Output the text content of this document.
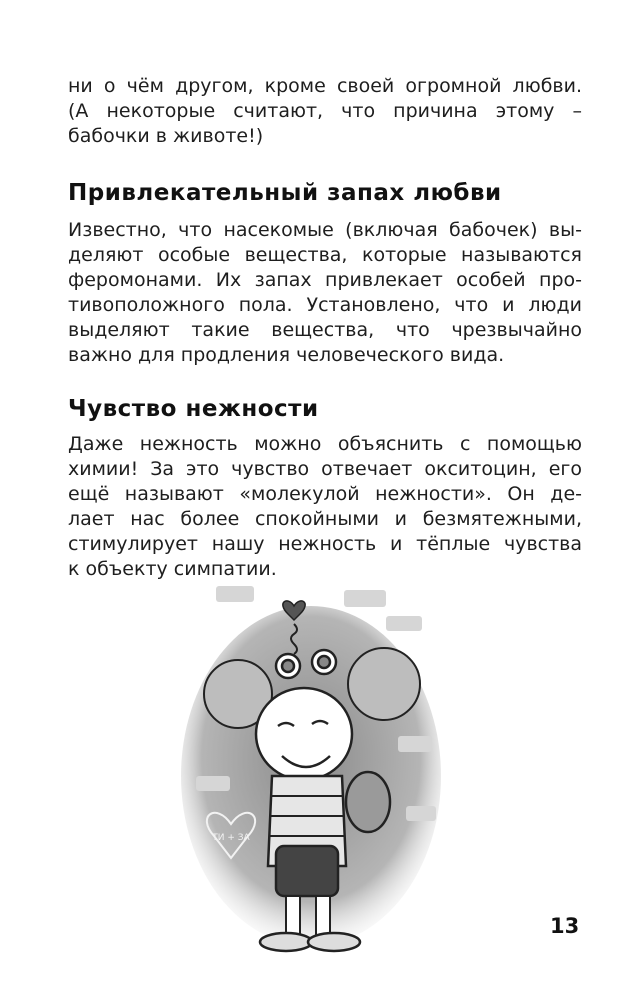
ни о чём другом, кроме своей огромной любви.
(А некоторые считают, что причина этому –
бабочки в животе!)

Привлекательный запах любви

Известно, что насекомые (включая бабочек) вы-
деляют особые вещества, которые называются
феромонами. Их запах привлекает особей про-
тивоположного пола. Установлено, что и люди
выделяют такие вещества, что чрезвычайно
важно для продления человеческого вида.

Чувство нежности

Даже нежность можно объяснить с помощью
химии! За это чувство отвечает окситоцин, его
ещё называют «молекулой нежности». Он де-
лает нас более спокойными и безмятежными,
стимулирует нашу нежность и тёплые чувства
к объекту симпатии.

ТИ + ЗА
13
